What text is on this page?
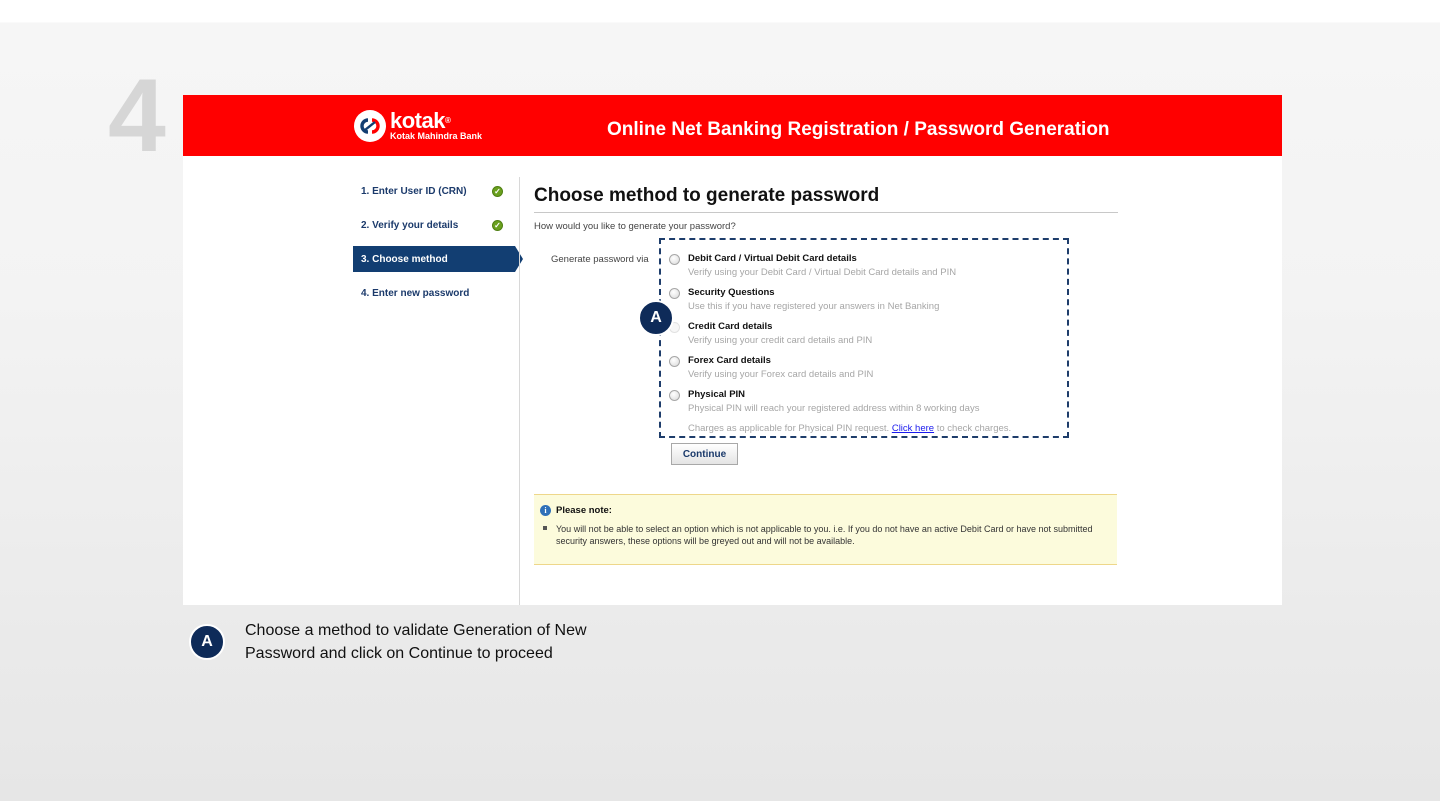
4	kotak®
Kotak Mahindra Bank	Online Net Banking Registration / Password Generation
1. Enter User ID (CRN)	✓
2. Verify your details	✓
3. Choose method
4. Enter new password
Choose method to generate password
How would you like to generate your password?
Generate password via	Debit Card / Virtual Debit Card details
Verify using your Debit Card / Virtual Debit Card details and PIN
Security Questions
Use this if you have registered your answers in Net Banking
Credit Card details
Verify using your credit card details and PIN
Forex Card details
Verify using your Forex card details and PIN
Physical PIN
Physical PIN will reach your registered address within 8 working days
Charges as applicable for Physical PIN request. Click here to check charges.
Continue
i Please note:
You will not be able to select an option which is not applicable to you. i.e. If you do not have an active Debit Card or have not submitted security answers, these options will be greyed out and will not be available.
A
A
Choose a method to validate Generation of New Password and click on Continue to proceed
